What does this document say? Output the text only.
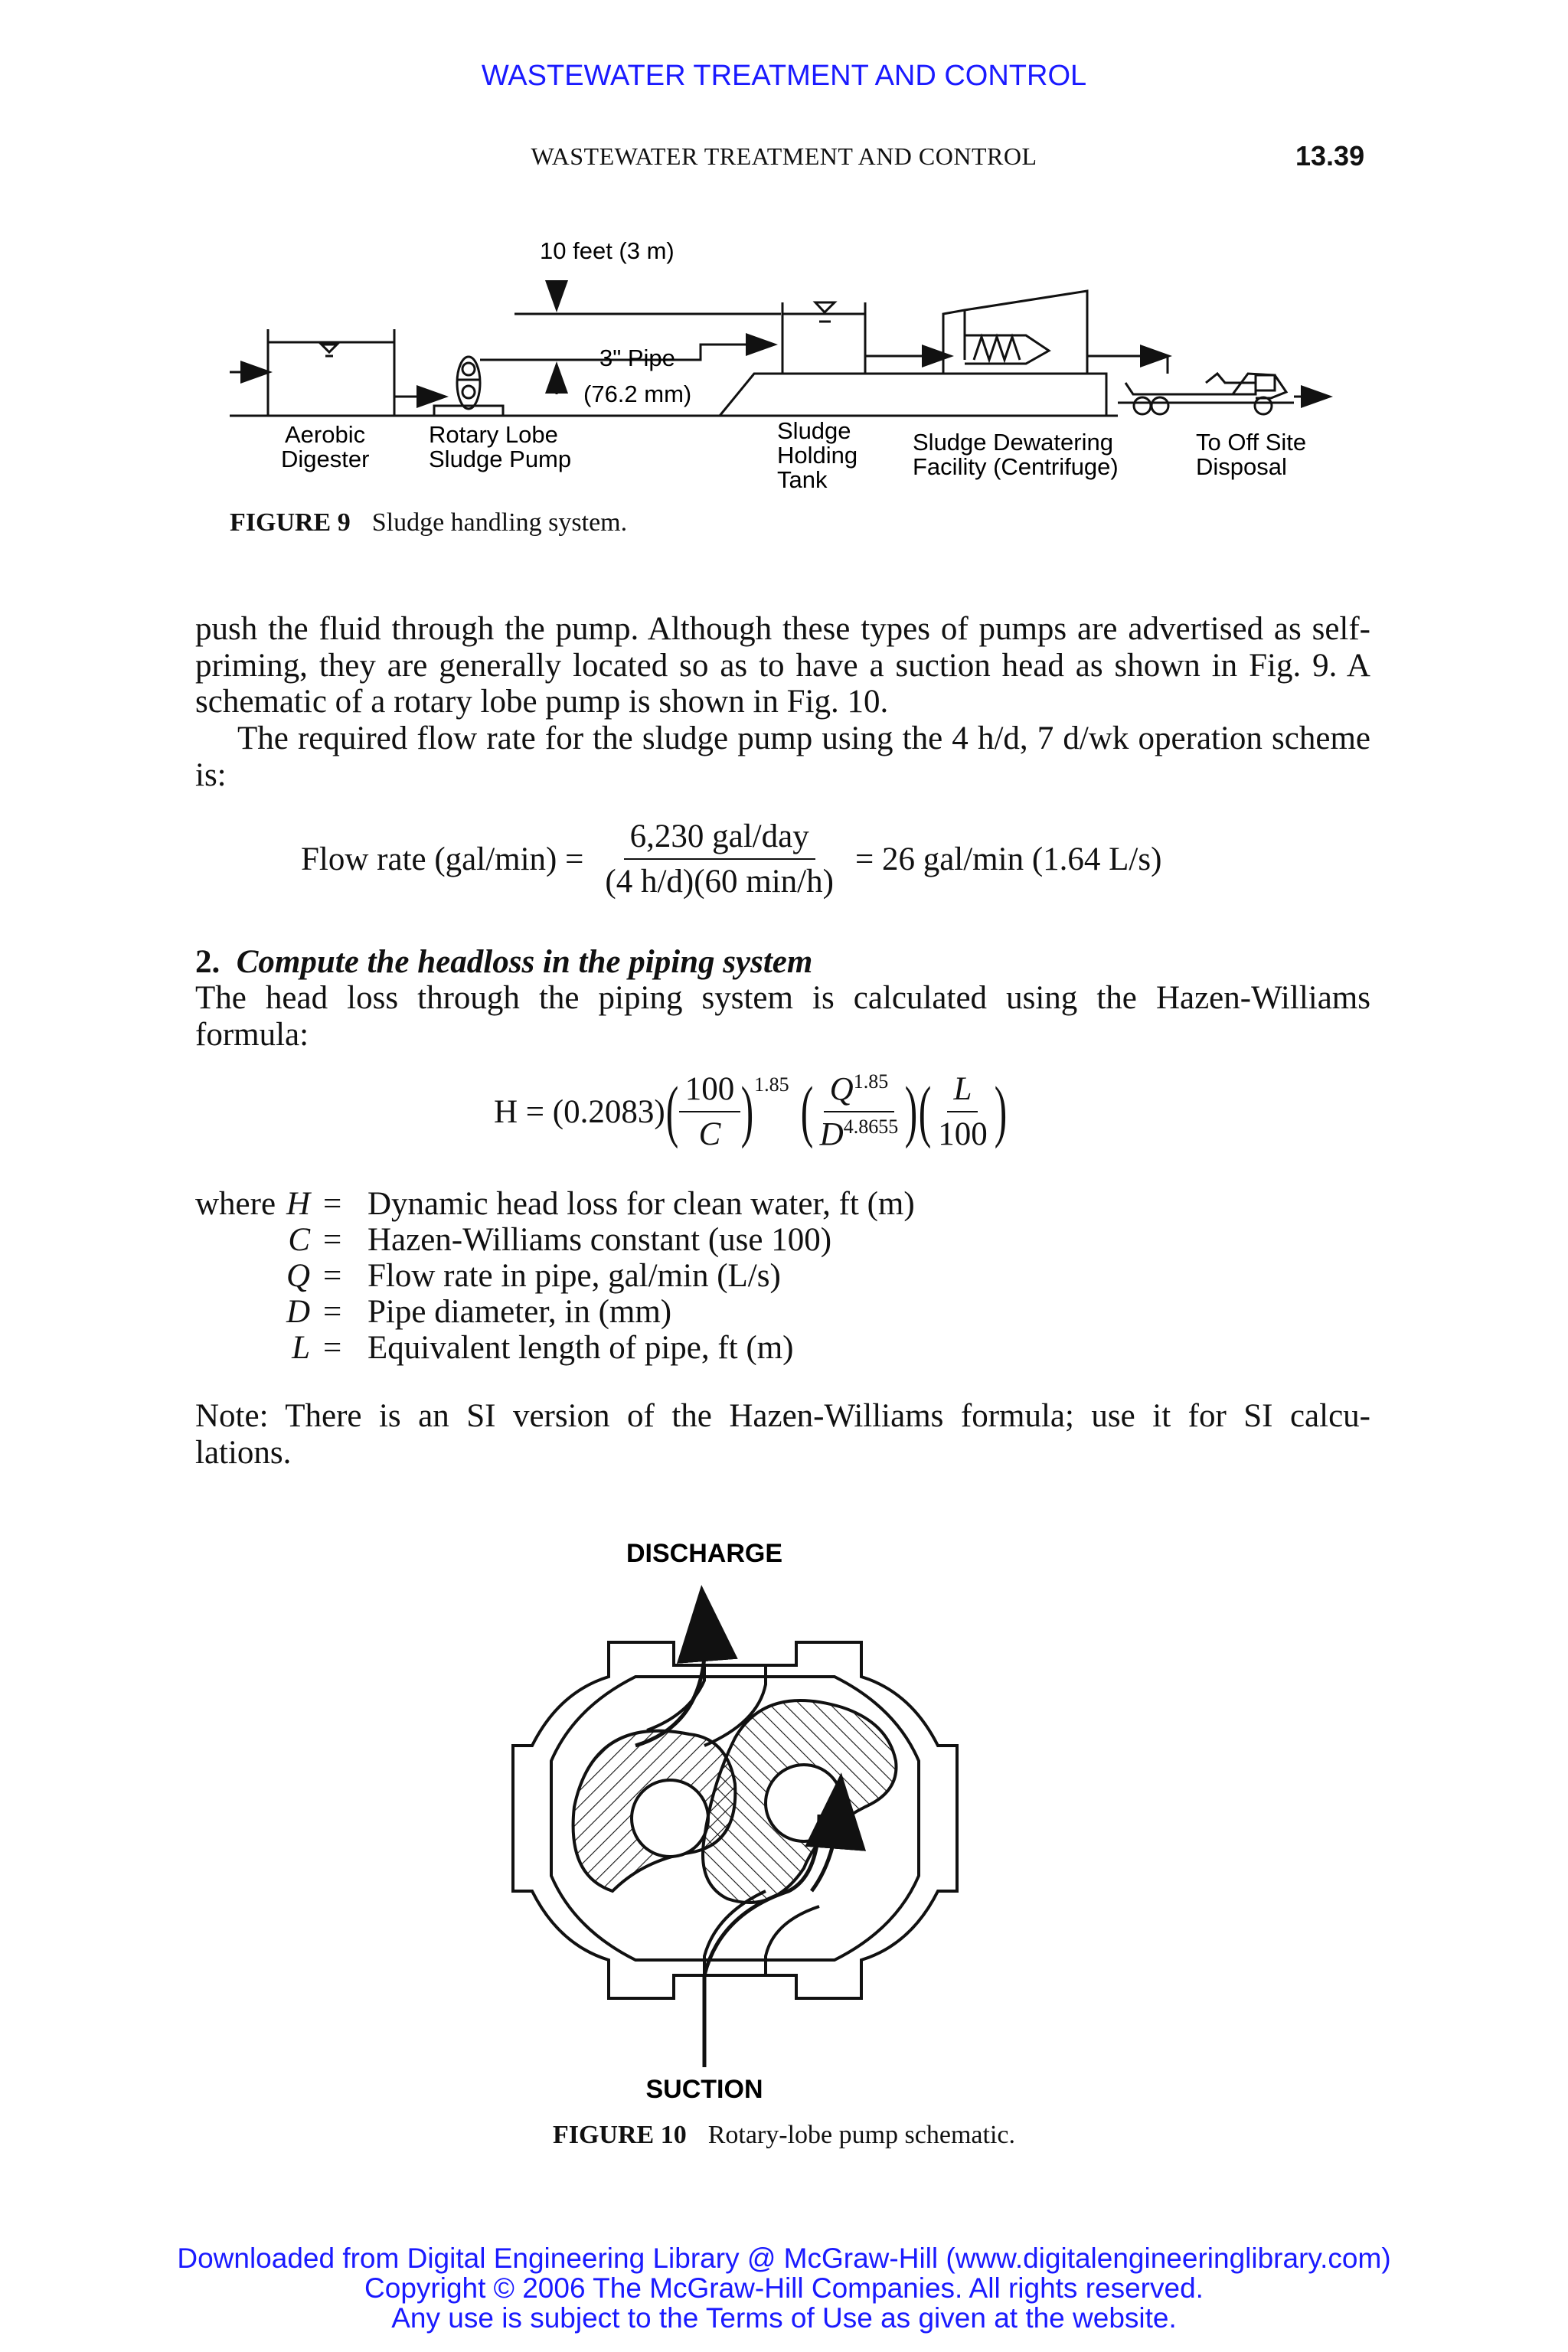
WASTEWATER TREATMENT AND CONTROL
WASTEWATER TREATMENT AND CONTROL	13.39
10 feet (3 m)
3" Pipe
(76.2 mm)
Aerobic
Digester
Rotary Lobe
Sludge Pump
Sludge
Holding
Tank
Sludge Dewatering
Facility (Centrifuge)
To Off Site
Disposal
FIGURE 9 Sludge handling system.
push the fluid through the pump. Although these types of pumps are advertised as self-priming, they are generally located so as to have a suction head as shown in Fig. 9. A schematic of a rotary lobe pump is shown in Fig. 10.
The required flow rate for the sludge pump using the 4 h/d, 7 d/wk operation scheme is:
Flow rate $(gal/\min) = \frac{\text{6,230 gal/day}}{(4 h/d)(60 \min/h)} = 26$ gal/min (1.64 L/s)
2. Compute the headloss in the piping system
The head loss through the piping system is calculated using the Hazen-Williams formula:
H = (0.2083) ( $\frac{100}{C}$ ) 1.85 ( $\frac{Q^{1.85}}{D^{4.8655}}$ ) ( $\frac{L}{100}$ )
where H = Dynamic head loss for clean water, ft (m)
C = Hazen-Williams constant (use 100)
Q = Flow rate in pipe, gal/min (L/s)
D = Pipe diameter, in (mm)
L = Equivalent length of pipe, ft (m)
Note: There is an SI version of the Hazen-Williams formula; use it for SI calcu-
lations.
DISCHARGE
SUCTION
FIGURE 10 Rotary-lobe pump schematic.
Downloaded from Digital Engineering Library @ McGraw-Hill (www.digitalengineeringlibrary.com)
Copyright © 2006 The McGraw-Hill Companies. All rights reserved.
Any use is subject to the Terms of Use as given at the website.
